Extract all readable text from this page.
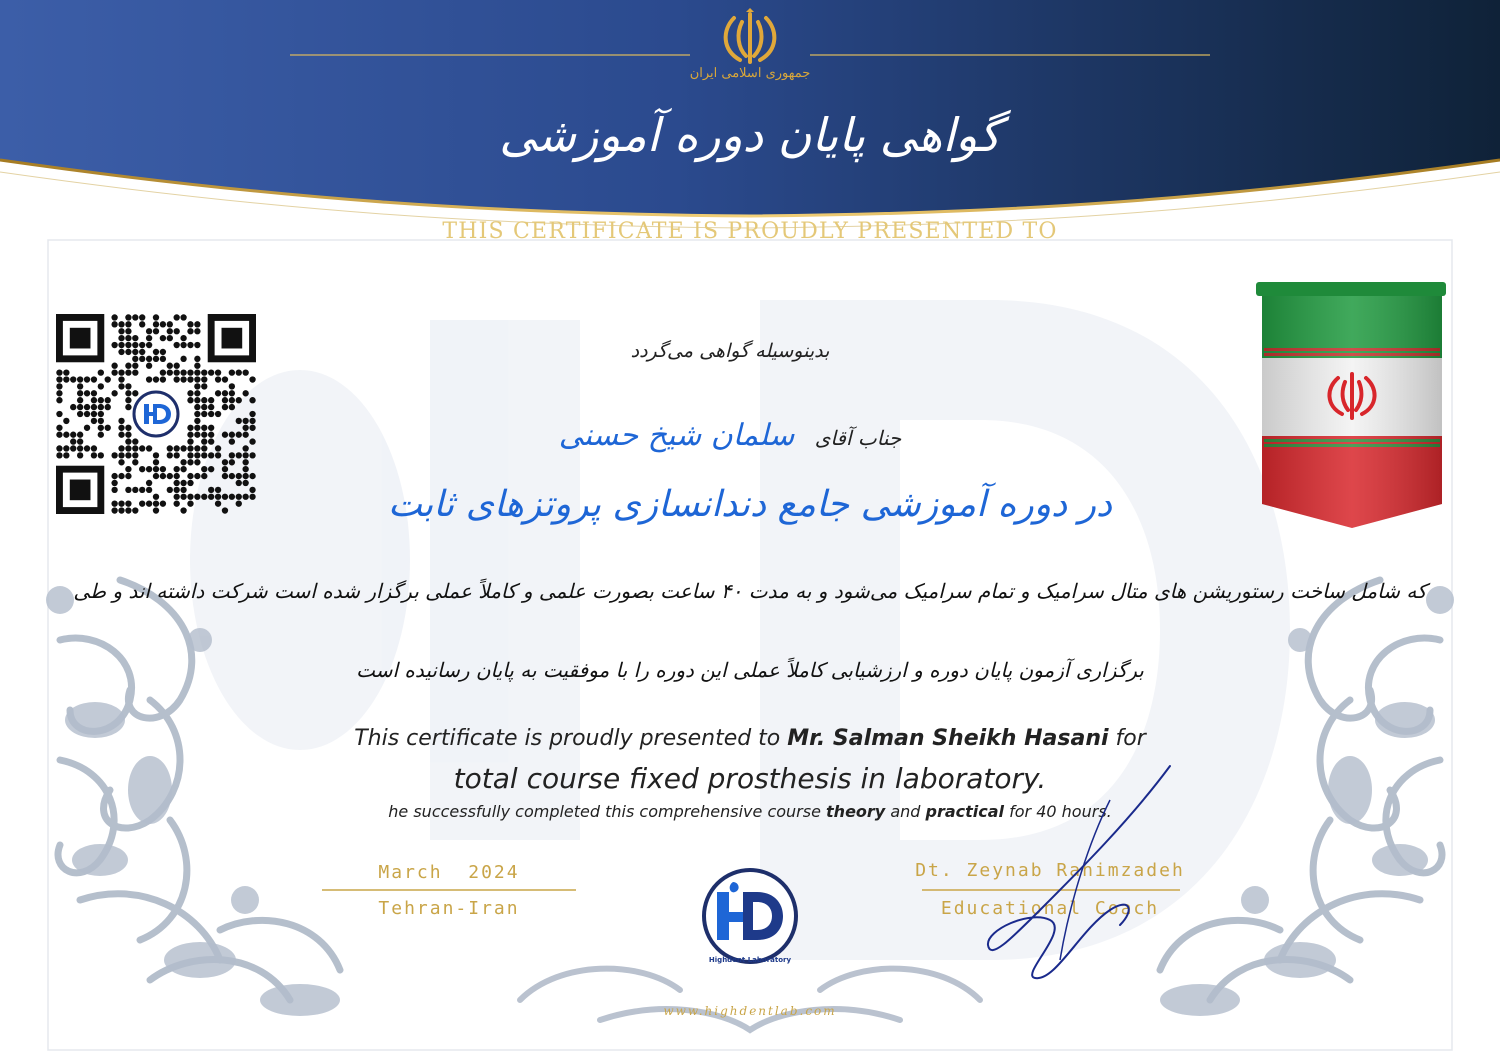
جمهوری اسلامی ایران
گواهی پایان دوره آموزشی
THIS CERTIFICATE IS PROUDLY PRESENTED TO
بدینوسیله گواهی می‌گردد
جناب آقای    سلمان شیخ حسنی
در دوره آموزشی جامع دندانسازی پروتزهای ثابت
که شامل ساخت رستوریشن های متال سرامیک و تمام سرامیک می‌شود و به مدت ۴۰ ساعت بصورت علمی و کاملاً عملی برگزار شده است شرکت داشته اند و طی
برگزاری آزمون پایان دوره و ارزشیابی کاملاً عملی این دوره را با موفقیت به پایان رسانیده است
This certificate is proudly presented to Mr. Salman Sheikh Hasani for
total course fixed prosthesis in laboratory.
he successfully completed this comprehensive course theory and practical for 40 hours.
March  2024
Tehran-Iran
Dt. Zeynab Rahimzadeh
Educational Coach
Highdent Laboratory
www.highdentlab.com
